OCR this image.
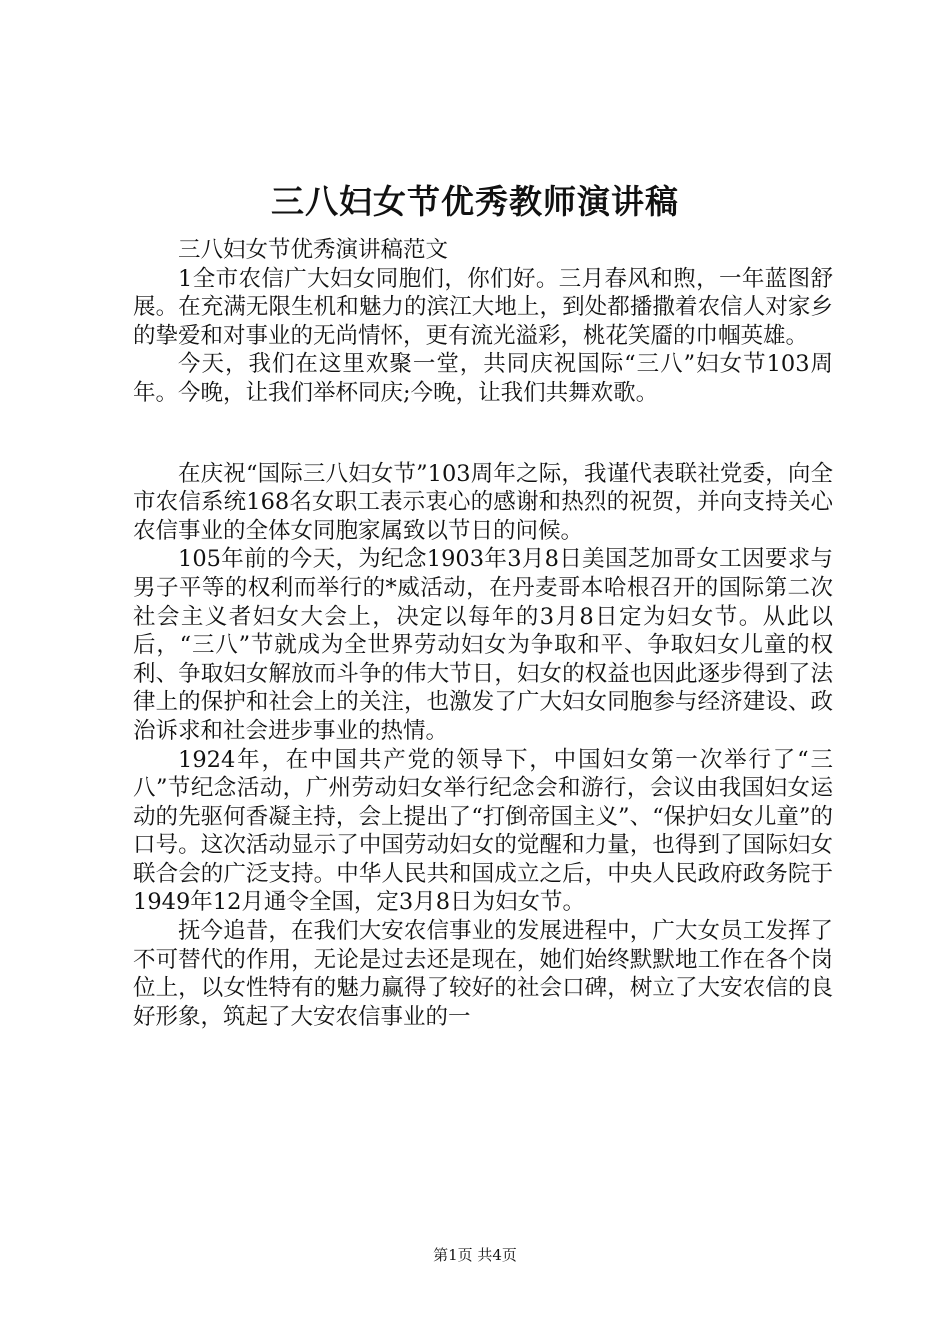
三八妇女节优秀教师演讲稿

三八妇女节优秀演讲稿范文

1全市农信广大妇女同胞们，你们好。三月春风和煦，一年蓝图舒展。在充满无限生机和魅力的滨江大地上，到处都播撒着农信人对家乡的挚爱和对事业的无尚情怀，更有流光溢彩，桃花笑靥的巾帼英雄。

今天，我们在这里欢聚一堂，共同庆祝国际“三八”妇女节103周年。今晚，让我们举杯同庆;今晚，让我们共舞欢歌。

在庆祝“国际三八妇女节”103周年之际，我谨代表联社党委，向全市农信系统168名女职工表示衷心的感谢和热烈的祝贺，并向支持关心农信事业的全体女同胞家属致以节日的问候。

105年前的今天，为纪念1903年3月8日美国芝加哥女工因要求与男子平等的权利而举行的*威活动，在丹麦哥本哈根召开的国际第二次社会主义者妇女大会上，决定以每年的3月8日定为妇女节。从此以后，“三八”节就成为全世界劳动妇女为争取和平、争取妇女儿童的权利、争取妇女解放而斗争的伟大节日，妇女的权益也因此逐步得到了法律上的保护和社会上的关注，也激发了广大妇女同胞参与经济建设、政治诉求和社会进步事业的热情。

1924年，在中国共产党的领导下，中国妇女第一次举行了“三八”节纪念活动，广州劳动妇女举行纪念会和游行，会议由我国妇女运动的先驱何香凝主持，会上提出了“打倒帝国主义”、“保护妇女儿童”的口号。这次活动显示了中国劳动妇女的觉醒和力量，也得到了国际妇女联合会的广泛支持。中华人民共和国成立之后，中央人民政府政务院于1949年12月通令全国，定3月8日为妇女节。

抚今追昔，在我们大安农信事业的发展进程中，广大女员工发挥了不可替代的作用，无论是过去还是现在，她们始终默默地工作在各个岗位上，以女性特有的魅力赢得了较好的社会口碑，树立了大安农信的良好形象，筑起了大安农信事业的一

第1页 共4页
